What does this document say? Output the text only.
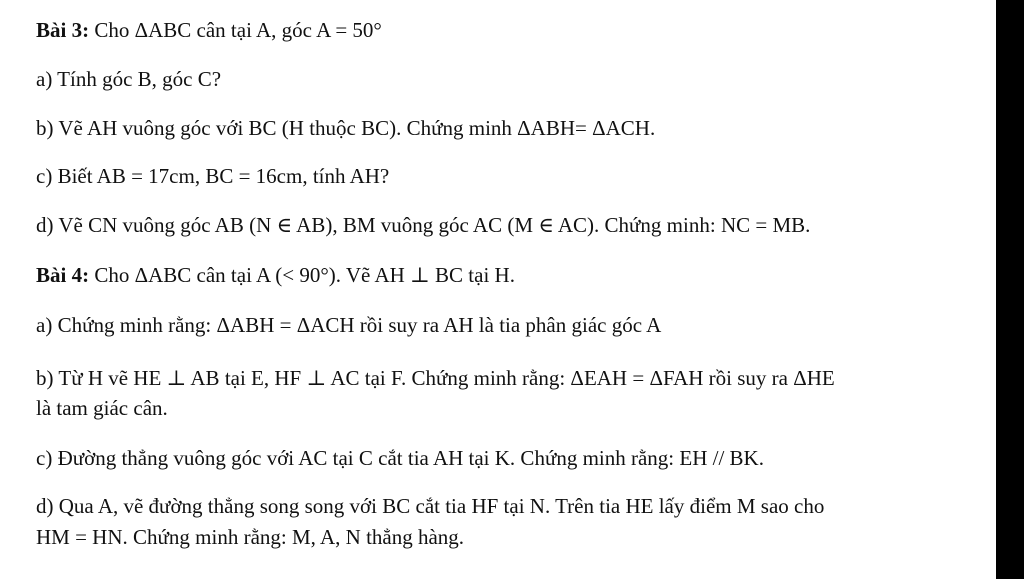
Bài 3: Cho ΔABC cân tại A, góc A = 50°
a) Tính góc B, góc C?
b) Vẽ AH vuông góc với BC (H thuộc BC). Chứng minh ΔABH= ΔACH.
c) Biết AB = 17cm, BC = 16cm, tính AH?
d) Vẽ CN vuông góc AB (N ∈ AB), BM vuông góc AC (M ∈ AC). Chứng minh: NC = MB.
Bài 4: Cho ΔABC cân tại A (< 90°). Vẽ AH ⊥ BC tại H.
a) Chứng minh rằng: ΔABH = ΔACH rồi suy ra AH là tia phân giác góc A
b) Từ H vẽ HE ⊥ AB tại E, HF ⊥ AC tại F. Chứng minh rằng: ΔEAH = ΔFAH rồi suy ra ΔHE
là tam giác cân.
c) Đường thẳng vuông góc với AC tại C cắt tia AH tại K. Chứng minh rằng: EH // BK.
d) Qua A, vẽ đường thẳng song song với BC cắt tia HF tại N. Trên tia HE lấy điểm M sao cho
HM = HN. Chứng minh rằng: M, A, N thẳng hàng.
